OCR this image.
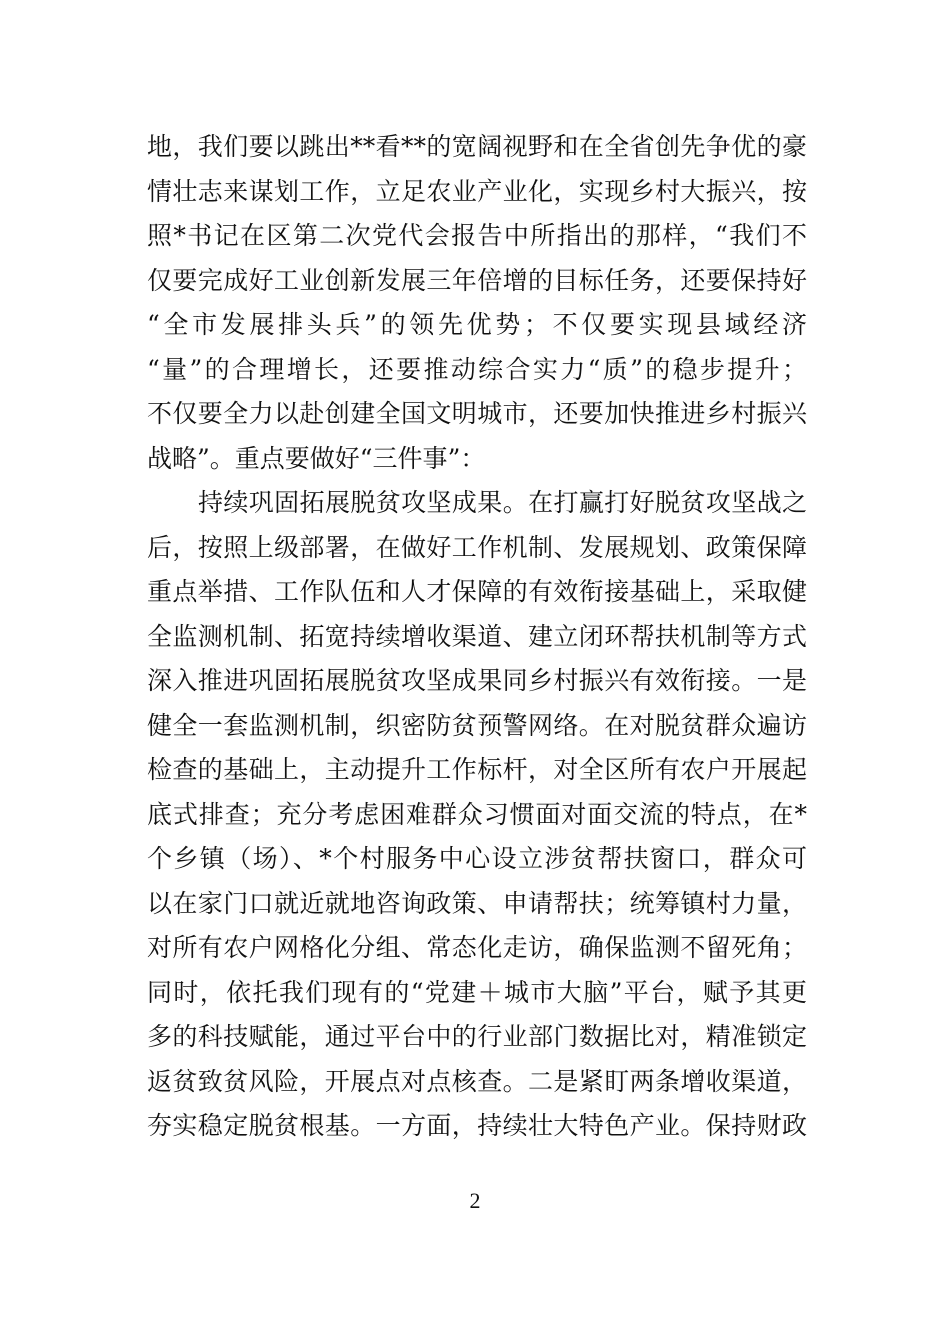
地，我们要以跳出**看**的宽阔视野和在全省创先争优的豪
情壮志来谋划工作，立足农业产业化，实现乡村大振兴，按
照*书记在区第二次党代会报告中所指出的那样，“我们不
仅要完成好工业创新发展三年倍增的目标任务，还要保持好
“全市发展排头兵”的领先优势；不仅要实现县域经济
“量”的合理增长，还要推动综合实力“质”的稳步提升；
不仅要全力以赴创建全国文明城市，还要加快推进乡村振兴
战略”。重点要做好“三件事”：
持续巩固拓展脱贫攻坚成果。在打赢打好脱贫攻坚战之
后，按照上级部署，在做好工作机制、发展规划、政策保障
重点举措、工作队伍和人才保障的有效衔接基础上，采取健
全监测机制、拓宽持续增收渠道、建立闭环帮扶机制等方式
深入推进巩固拓展脱贫攻坚成果同乡村振兴有效衔接。一是
健全一套监测机制，织密防贫预警网络。在对脱贫群众遍访
检查的基础上，主动提升工作标杆，对全区所有农户开展起
底式排查；充分考虑困难群众习惯面对面交流的特点，在*
个乡镇（场）、*个村服务中心设立涉贫帮扶窗口，群众可
以在家门口就近就地咨询政策、申请帮扶；统筹镇村力量，
对所有农户网格化分组、常态化走访，确保监测不留死角；
同时，依托我们现有的“党建＋城市大脑”平台，赋予其更
多的科技赋能，通过平台中的行业部门数据比对，精准锁定
返贫致贫风险，开展点对点核查。二是紧盯两条增收渠道，
夯实稳定脱贫根基。一方面，持续壮大特色产业。保持财政
2
